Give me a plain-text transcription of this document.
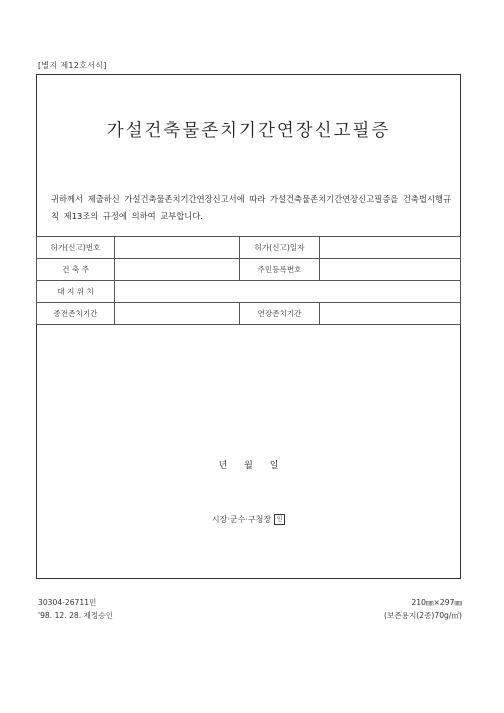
[별지 제12호서식]
가설건축물존치기간연장신고필증
귀하께서 제출하신 가설건축물존치기간연장신고서에 따라 가설건축물존치기간연장신고필증을 건축법시행규칙 제13조의 규정에 의하여 교부합니다.
허가(신고)번호		허가(신고)일자	
건 축 주		주민등록번호	
대 지 위 치			
종전존치기간		연장존치기간	
년 월 일
시장·군수·구청장 인
30304-26711민
'98. 12. 28. 제정승인
210㎜×297㎜
(보존용지(2종)70g/㎡)
